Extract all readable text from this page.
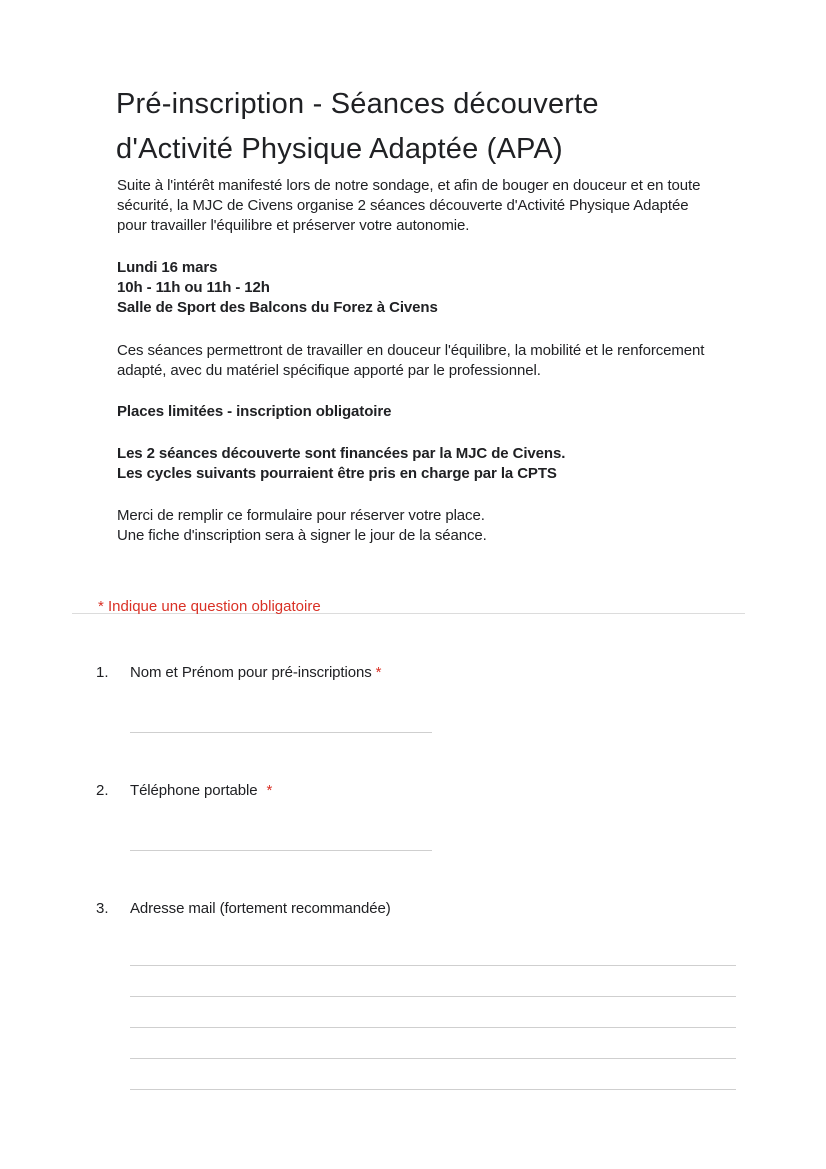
Pré-inscription - Séances découverte
d'Activité Physique Adaptée (APA)

Suite à l'intérêt manifesté lors de notre sondage, et afin de bouger en douceur et en toute
sécurité, la MJC de Civens organise 2 séances découverte d'Activité Physique Adaptée
pour travailler l'équilibre et préserver votre autonomie.

Lundi 16 mars
10h - 11h ou 11h - 12h
Salle de Sport des Balcons du Forez à Civens

Ces séances permettront de travailler en douceur l'équilibre, la mobilité et le renforcement
adapté, avec du matériel spécifique apporté par le professionnel.

Places limitées - inscription obligatoire

Les 2 séances découverte sont financées par la MJC de Civens.
Les cycles suivants pourraient être pris en charge par la CPTS

Merci de remplir ce formulaire pour réserver votre place.
Une fiche d'inscription sera à signer le jour de la séance.

* Indique une question obligatoire
1.	Nom et Prénom pour pré-inscriptions *
2.	Téléphone portable *
3.	Adresse mail (fortement recommandée)
